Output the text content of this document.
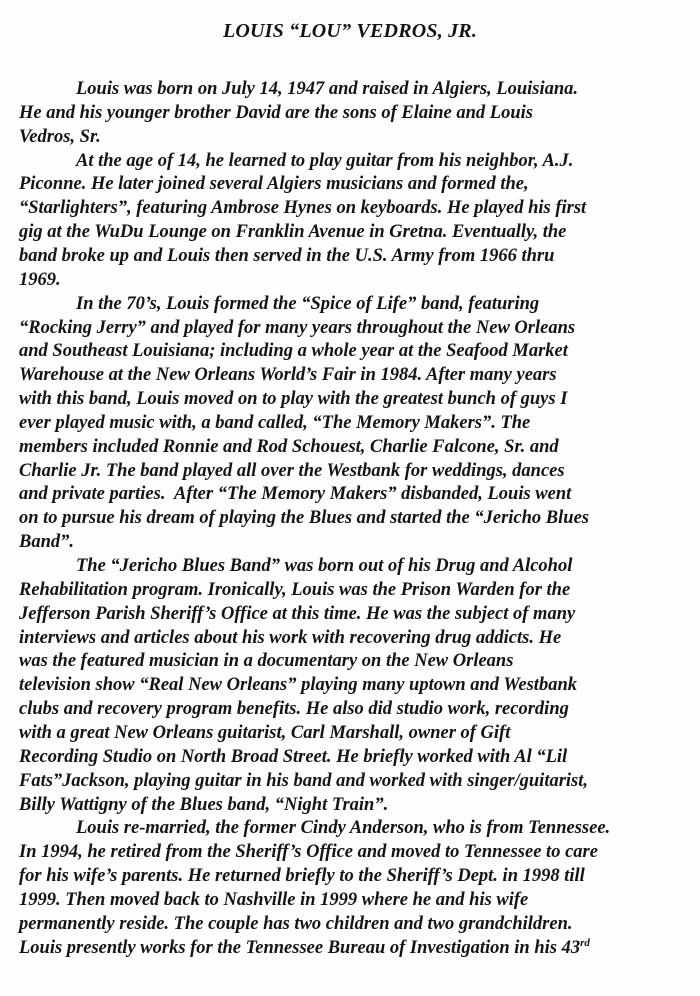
LOUIS “LOU” VEDROS, JR.
Louis was born on July 14, 1947 and raised in Algiers, Louisiana.
He and his younger brother David are the sons of Elaine and Louis
Vedros, Sr.
At the age of 14, he learned to play guitar from his neighbor, A.J.
Piconne. He later joined several Algiers musicians and formed the,
“Starlighters”, featuring Ambrose Hynes on keyboards. He played his first
gig at the WuDu Lounge on Franklin Avenue in Gretna. Eventually, the
band broke up and Louis then served in the U.S. Army from 1966 thru
1969.
In the 70’s, Louis formed the “Spice of Life” band, featuring
“Rocking Jerry” and played for many years throughout the New Orleans
and Southeast Louisiana; including a whole year at the Seafood Market
Warehouse at the New Orleans World’s Fair in 1984. After many years
with this band, Louis moved on to play with the greatest bunch of guys I
ever played music with, a band called, “The Memory Makers”. The
members included Ronnie and Rod Schouest, Charlie Falcone, Sr. and
Charlie Jr. The band played all over the Westbank for weddings, dances
and private parties.  After “The Memory Makers” disbanded, Louis went
on to pursue his dream of playing the Blues and started the “Jericho Blues
Band”.
The “Jericho Blues Band” was born out of his Drug and Alcohol
Rehabilitation program. Ironically, Louis was the Prison Warden for the
Jefferson Parish Sheriff’s Office at this time. He was the subject of many
interviews and articles about his work with recovering drug addicts. He
was the featured musician in a documentary on the New Orleans
television show “Real New Orleans” playing many uptown and Westbank
clubs and recovery program benefits. He also did studio work, recording
with a great New Orleans guitarist, Carl Marshall, owner of Gift
Recording Studio on North Broad Street. He briefly worked with Al “Lil
Fats”Jackson, playing guitar in his band and worked with singer/guitarist,
Billy Wattigny of the Blues band, “Night Train”.
Louis re-married, the former Cindy Anderson, who is from Tennessee.
In 1994, he retired from the Sheriff’s Office and moved to Tennessee to care
for his wife’s parents. He returned briefly to the Sheriff’s Dept. in 1998 till
1999. Then moved back to Nashville in 1999 where he and his wife
permanently reside. The couple has two children and two grandchildren.
Louis presently works for the Tennessee Bureau of Investigation in his 43rd
